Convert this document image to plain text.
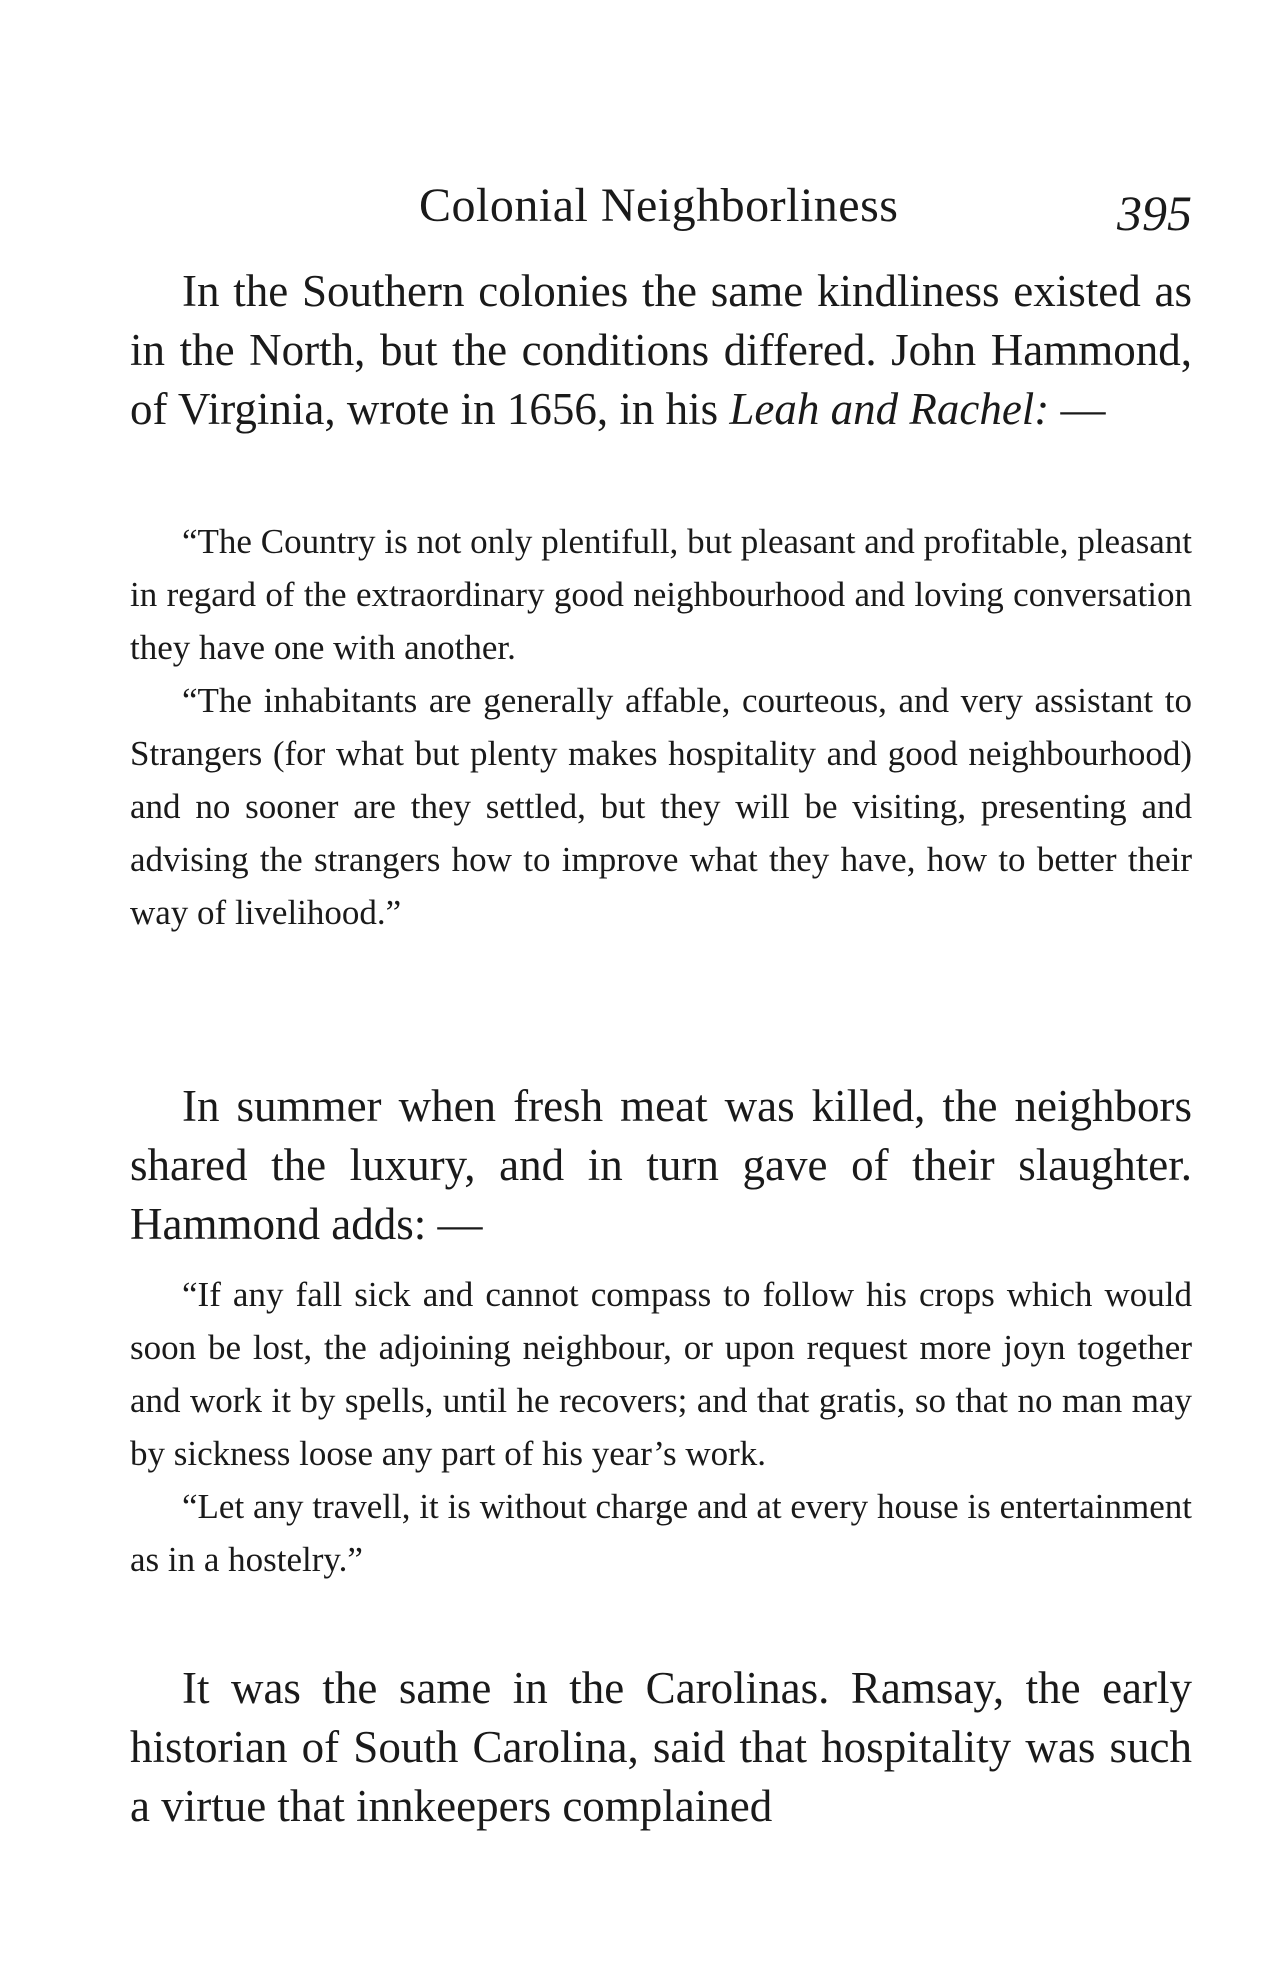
Colonial Neighborliness	395

In the Southern colonies the same kindliness existed as in the North, but the conditions differed. John Hammond, of Virginia, wrote in 1656, in his Leah and Rachel: —

“The Country is not only plentifull, but pleasant and profitable, pleasant in regard of the extraordinary good neighbourhood and loving conversation they have one with another.

“The inhabitants are generally affable, courteous, and very assistant to Strangers (for what but plenty makes hospitality and good neighbourhood) and no sooner are they settled, but they will be visiting, presenting and advising the strangers how to improve what they have, how to better their way of livelihood.”

In summer when fresh meat was killed, the neighbors shared the luxury, and in turn gave of their slaughter. Hammond adds: —

“If any fall sick and cannot compass to follow his crops which would soon be lost, the adjoining neighbour, or upon request more joyn together and work it by spells, until he recovers; and that gratis, so that no man may by sickness loose any part of his year’s work.

“Let any travell, it is without charge and at every house is entertainment as in a hostelry.”

It was the same in the Carolinas. Ramsay, the early historian of South Carolina, said that hospitality was such a virtue that innkeepers complained
